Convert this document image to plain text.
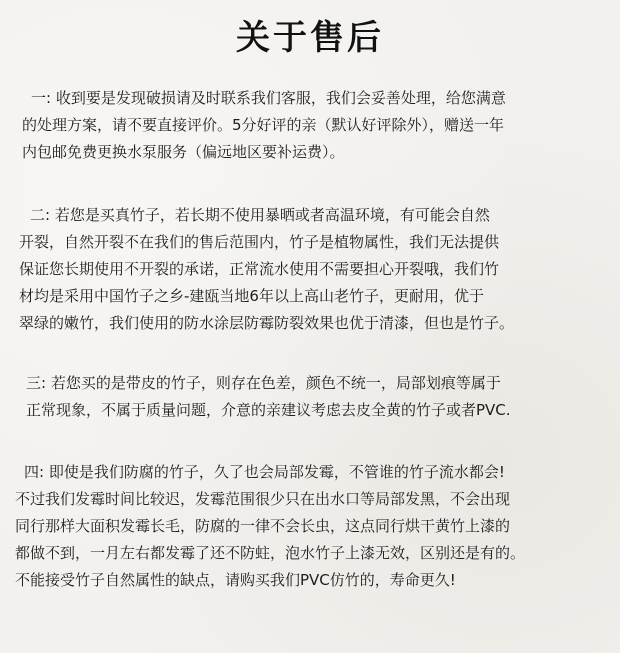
关于售后
一: 收到要是发现破损请及时联系我们客服，我们会妥善处理，给您满意
的处理方案，请不要直接评价。5分好评的亲（默认好评除外），赠送一年
内包邮免费更换水泵服务（偏远地区要补运费）。
二: 若您是买真竹子，若长期不使用暴晒或者高温环境，有可能会自然
开裂，自然开裂不在我们的售后范围内，竹子是植物属性，我们无法提供
保证您长期使用不开裂的承诺，正常流水使用不需要担心开裂哦，我们竹
材均是采用中国竹子之乡-建瓯当地6年以上高山老竹子，更耐用，优于
翠绿的嫩竹，我们使用的防水涂层防霉防裂效果也优于清漆，但也是竹子。
三: 若您买的是带皮的竹子，则存在色差，颜色不统一，局部划痕等属于
正常现象，不属于质量问题，介意的亲建议考虑去皮全黄的竹子或者PVC.
四: 即使是我们防腐的竹子，久了也会局部发霉，不管谁的竹子流水都会!
不过我们发霉时间比较迟，发霉范围很少只在出水口等局部发黑，不会出现
同行那样大面积发霉长毛，防腐的一律不会长虫，这点同行烘干黄竹上漆的
都做不到，一月左右都发霉了还不防蛀，泡水竹子上漆无效，区别还是有的。
不能接受竹子自然属性的缺点，请购买我们PVC仿竹的，寿命更久!
